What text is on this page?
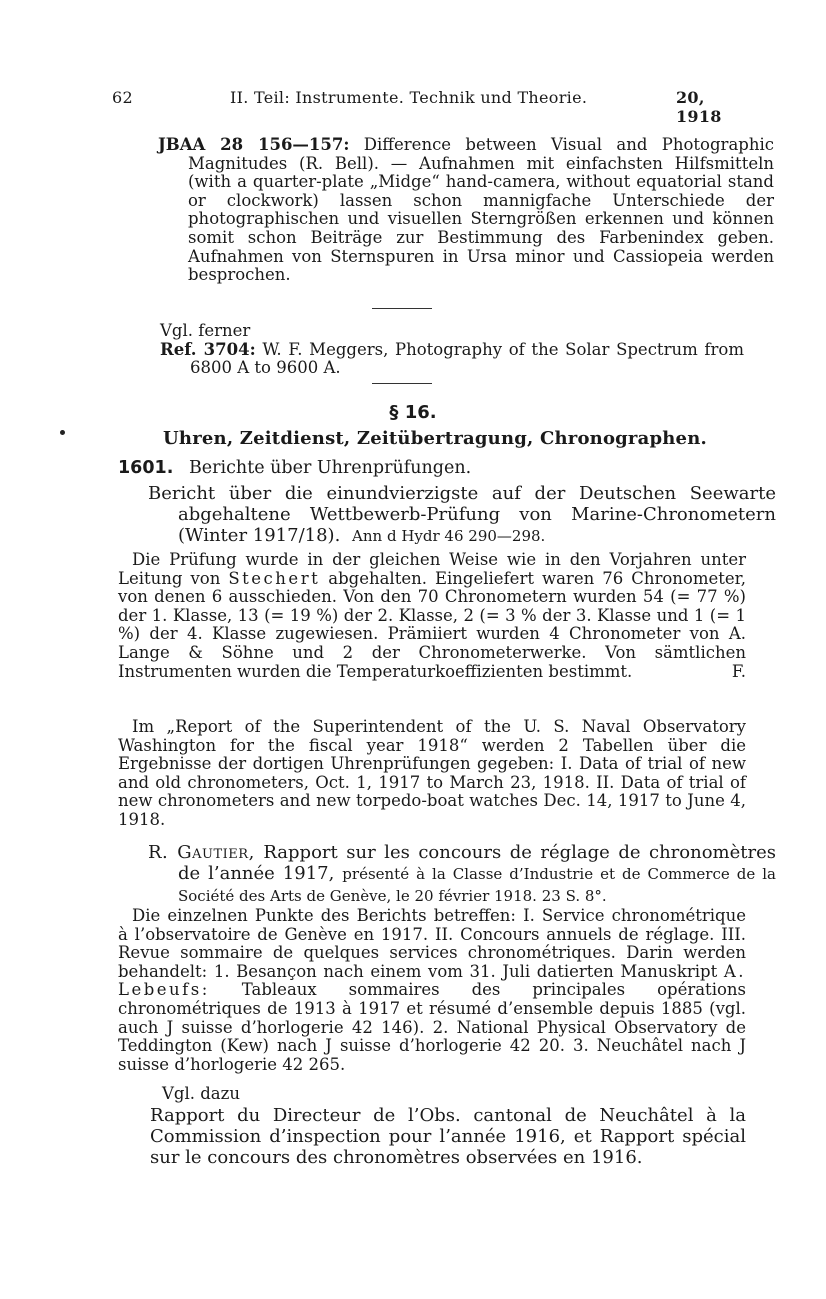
62	II. Teil: Instrumente. Technik und Theorie.	20, 1918
JBAA 28 156—157: Difference between Visual and Photographic Magnitudes (R. Bell). — Aufnahmen mit einfachsten Hilfsmitteln (with a quarter-plate „Midge“ hand-camera, without equatorial stand or clockwork) lassen schon mannigfache Unterschiede der photographischen und visuellen Sterngrößen erkennen und können somit schon Beiträge zur Bestimmung des Farbenindex geben. Aufnahmen von Sternspuren in Ursa minor und Cassiopeia werden besprochen.
Vgl. ferner
Ref. 3704: W. F. Meggers, Photography of the Solar Spectrum from 6800 A to 9600 A.
§ 16.
Uhren, Zeitdienst, Zeitübertragung, Chronographen.
1601. Berichte über Uhrenprüfungen.
Bericht über die einundvierzigste auf der Deutschen Seewarte abgehaltene Wettbewerb-Prüfung von Marine-Chronometern (Winter 1917/18). Ann d Hydr 46 290—298.
Die Prüfung wurde in der gleichen Weise wie in den Vorjahren unter Leitung von Stechert abgehalten. Eingeliefert waren 76 Chronometer, von denen 6 ausschieden. Von den 70 Chronometern wurden 54 (= 77 %) der 1. Klasse, 13 (= 19 %) der 2. Klasse, 2 (= 3 % der 3. Klasse und 1 (= 1 %) der 4. Klasse zugewiesen. Prämiiert wurden 4 Chronometer von A. Lange & Söhne und 2 der Chronometerwerke. Von sämtlichen Instrumenten wurden die Temperaturkoeffizienten bestimmt.	F.
Im „Report of the Superintendent of the U. S. Naval Observatory Washington for the fiscal year 1918“ werden 2 Tabellen über die Ergebnisse der dortigen Uhrenprüfungen gegeben: I. Data of trial of new and old chronometers, Oct. 1, 1917 to March 23, 1918. II. Data of trial of new chronometers and new torpedo-boat watches Dec. 14, 1917 to June 4, 1918.
R. Gautier, Rapport sur les concours de réglage de chronomètres de l’année 1917, présenté à la Classe d’Industrie et de Commerce de la Société des Arts de Genève, le 20 février 1918. 23 S. 8°.
Die einzelnen Punkte des Berichts betreffen: I. Service chronométrique à l’observatoire de Genève en 1917. II. Concours annuels de réglage. III. Revue sommaire de quelques services chronométriques. Darin werden behandelt: 1. Besançon nach einem vom 31. Juli datierten Manuskript A. Lebeufs: Tableaux sommaires des principales opérations chronométriques de 1913 à 1917 et résumé d’ensemble depuis 1885 (vgl. auch J suisse d’horlogerie 42 146). 2. National Physical Observatory de Teddington (Kew) nach J suisse d’horlogerie 42 20. 3. Neuchâtel nach J suisse d’horlogerie 42 265.
Vgl. dazu
Rapport du Directeur de l’Obs. cantonal de Neuchâtel à la Commission d’inspection pour l’année 1916, et Rapport spécial sur le concours des chronomètres observées en 1916.
